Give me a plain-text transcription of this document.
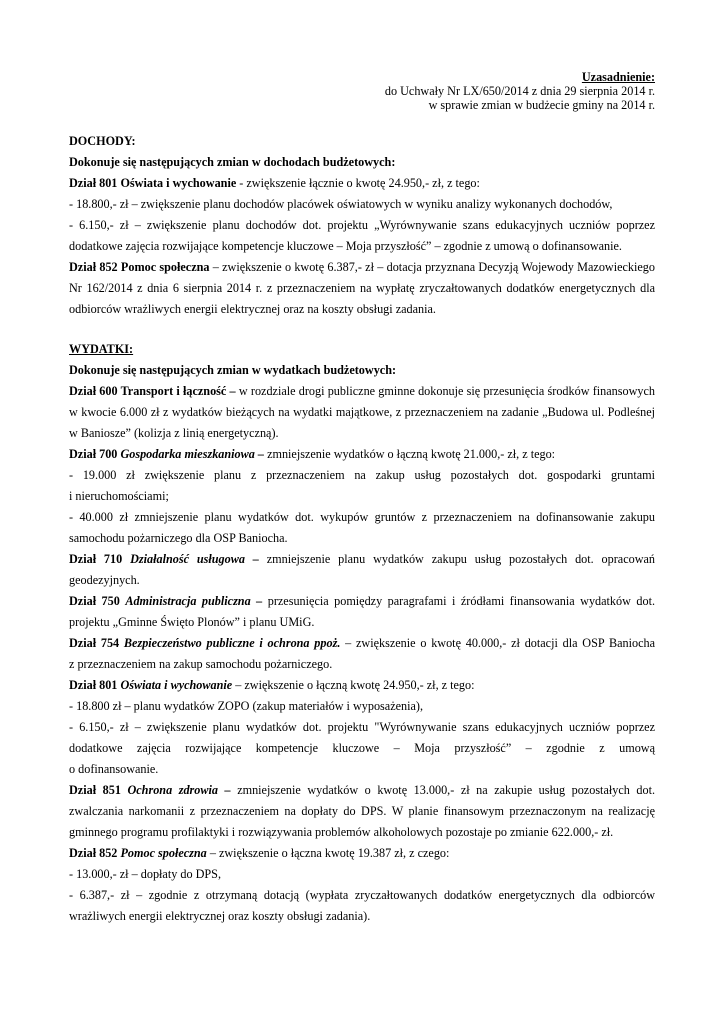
Uzasadnienie:
do Uchwały Nr LX/650/2014 z dnia 29 sierpnia 2014 r.
w sprawie zmian w budżecie gminy na 2014 r.
DOCHODY:
Dokonuje się następujących zmian w dochodach budżetowych:
Dział 801 Oświata i wychowanie - zwiększenie łącznie o kwotę 24.950,- zł, z tego:
- 18.800,- zł – zwiększenie planu dochodów placówek oświatowych w wyniku analizy wykonanych dochodów,
- 6.150,- zł – zwiększenie planu dochodów dot. projektu „Wyrównywanie szans edukacyjnych uczniów poprzez
dodatkowe zajęcia rozwijające kompetencje kluczowe – Moja przyszłość” – zgodnie z umową o dofinansowanie.
Dział 852 Pomoc społeczna – zwiększenie o kwotę 6.387,- zł – dotacja przyznana Decyzją Wojewody Mazowieckiego
Nr 162/2014 z dnia 6 sierpnia 2014 r. z przeznaczeniem na wypłatę zryczałtowanych dodatków energetycznych dla
odbiorców wrażliwych energii elektrycznej oraz na koszty obsługi zadania.
WYDATKI:
Dokonuje się następujących zmian w wydatkach budżetowych:
Dział 600 Transport i łączność – w rozdziale drogi publiczne gminne dokonuje się przesunięcia środków finansowych
w kwocie 6.000 zł z wydatków bieżących na wydatki majątkowe, z przeznaczeniem na zadanie „Budowa ul. Podleśnej
w Baniosze” (kolizja z linią energetyczną).
Dział 700 Gospodarka mieszkaniowa – zmniejszenie wydatków o łączną kwotę 21.000,- zł, z tego:
- 19.000 zł zwiększenie planu z przeznaczeniem na zakup usług pozostałych dot. gospodarki gruntami
i nieruchomościami;
- 40.000 zł zmniejszenie planu wydatków dot. wykupów gruntów z przeznaczeniem na dofinansowanie zakupu
samochodu pożarniczego dla OSP Baniocha.
Dział 710 Działalność usługowa – zmniejszenie planu wydatków zakupu usług pozostałych dot. opracowań
geodezyjnych.
Dział 750 Administracja publiczna – przesunięcia pomiędzy paragrafami i źródłami finansowania wydatków dot.
projektu „Gminne Święto Plonów” i planu UMiG.
Dział 754 Bezpieczeństwo publiczne i ochrona ppoż. – zwiększenie o kwotę 40.000,- zł dotacji dla OSP Baniocha
z przeznaczeniem na zakup samochodu pożarniczego.
Dział 801 Oświata i wychowanie – zwiększenie o łączną kwotę 24.950,- zł, z tego:
- 18.800 zł – planu wydatków ZOPO (zakup materiałów i wyposażenia),
- 6.150,- zł – zwiększenie planu wydatków dot. projektu "Wyrównywanie szans edukacyjnych uczniów poprzez
dodatkowe zajęcia rozwijające kompetencje kluczowe – Moja przyszłość” – zgodnie z umową
o dofinansowanie.
Dział 851 Ochrona zdrowia – zmniejszenie wydatków o kwotę 13.000,- zł na zakupie usług pozostałych dot.
zwalczania narkomanii z przeznaczeniem na dopłaty do DPS. W planie finansowym przeznaczonym na realizację
gminnego programu profilaktyki i rozwiązywania problemów alkoholowych pozostaje po zmianie 622.000,- zł.
Dział 852 Pomoc społeczna – zwiększenie o łączna kwotę 19.387 zł, z czego:
- 13.000,- zł – dopłaty do DPS,
- 6.387,- zł – zgodnie z otrzymaną dotacją (wypłata zryczałtowanych dodatków energetycznych dla odbiorców
wrażliwych energii elektrycznej oraz koszty obsługi zadania).
